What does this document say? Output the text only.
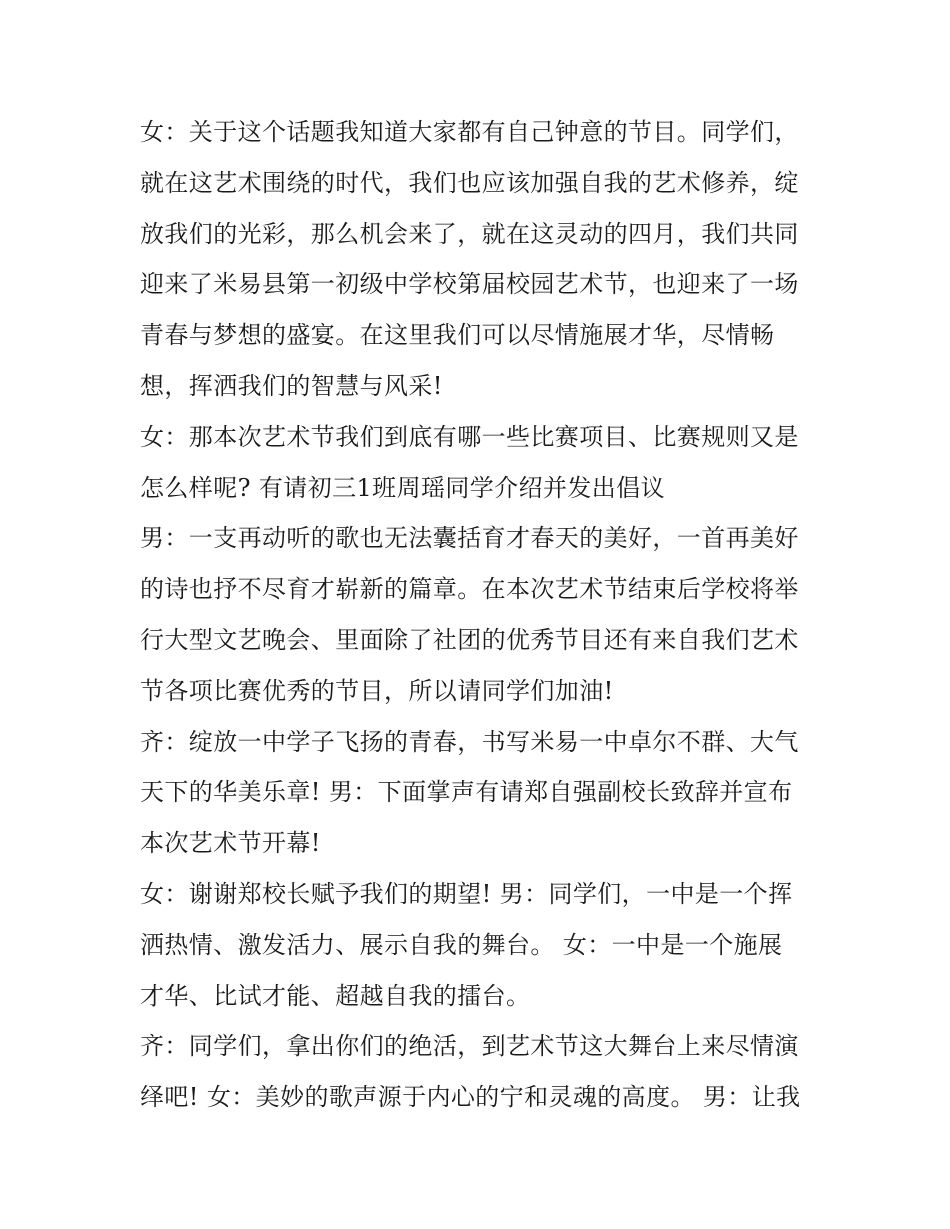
女：关于这个话题我知道大家都有自己钟意的节目。同学们，
就在这艺术围绕的时代，我们也应该加强自我的艺术修养，绽
放我们的光彩，那么机会来了，就在这灵动的四月，我们共同
迎来了米易县第一初级中学校第届校园艺术节，也迎来了一场
青春与梦想的盛宴。在这里我们可以尽情施展才华，尽情畅
想，挥洒我们的智慧与风采!
女：那本次艺术节我们到底有哪一些比赛项目、比赛规则又是
怎么样呢? 有请初三1班周瑶同学介绍并发出倡议
男：一支再动听的歌也无法囊括育才春天的美好，一首再美好
的诗也抒不尽育才崭新的篇章。在本次艺术节结束后学校将举
行大型文艺晚会、里面除了社团的优秀节目还有来自我们艺术
节各项比赛优秀的节目，所以请同学们加油!
齐：绽放一中学子飞扬的青春，书写米易一中卓尔不群、大气
天下的华美乐章! 男：下面掌声有请郑自强副校长致辞并宣布
本次艺术节开幕!
女：谢谢郑校长赋予我们的期望! 男：同学们，一中是一个挥
洒热情、激发活力、展示自我的舞台。 女：一中是一个施展
才华、比试才能、超越自我的擂台。
齐：同学们，拿出你们的绝活，到艺术节这大舞台上来尽情演
绎吧! 女：美妙的歌声源于内心的宁和灵魂的高度。 男：让我
